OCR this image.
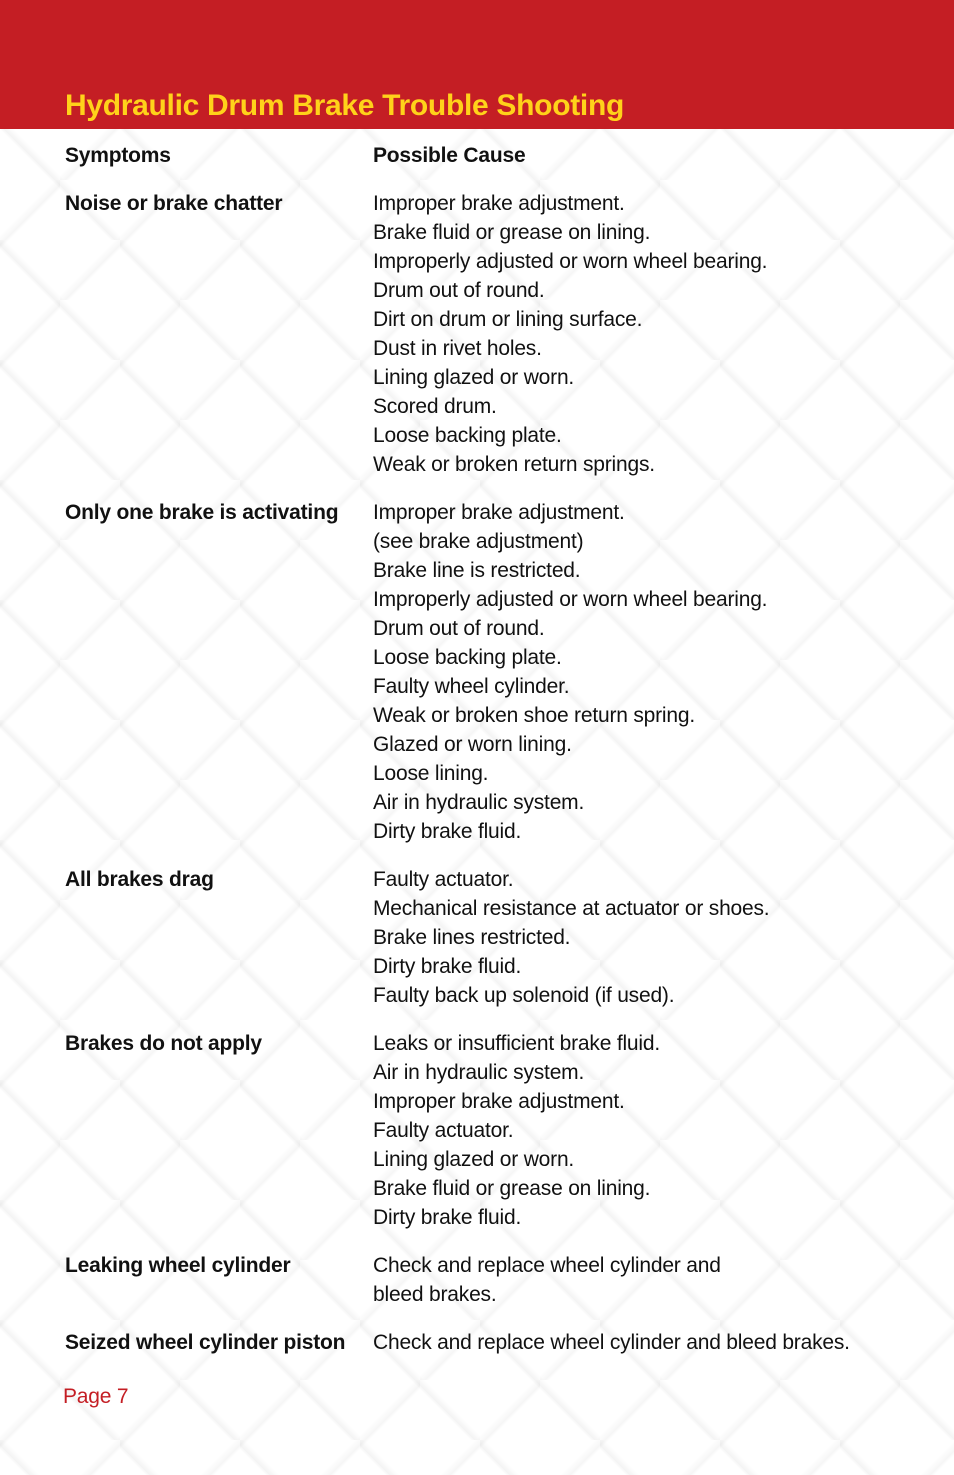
Hydraulic Drum Brake Trouble Shooting
Symptoms	Possible Cause
Noise or brake chatter	Improper brake adjustment.
Brake fluid or grease on lining.
Improperly adjusted or worn wheel bearing.
Drum out of round.
Dirt on drum or lining surface.
Dust in rivet holes.
Lining glazed or worn.
Scored drum.
Loose backing plate.
Weak or broken return springs.
Only one brake is activating	Improper brake adjustment.
(see brake adjustment)
Brake line is restricted.
Improperly adjusted or worn wheel bearing.
Drum out of round.
Loose backing plate.
Faulty wheel cylinder.
Weak or broken shoe return spring.
Glazed or worn lining.
Loose lining.
Air in hydraulic system.
Dirty brake fluid.
All brakes drag	Faulty actuator.
Mechanical resistance at actuator or shoes.
Brake lines restricted.
Dirty brake fluid.
Faulty back up solenoid (if used).
Brakes do not apply	Leaks or insufficient brake fluid.
Air in hydraulic system.
Improper brake adjustment.
Faulty actuator.
Lining glazed or worn.
Brake fluid or grease on lining.
Dirty brake fluid.
Leaking wheel cylinder	Check and replace wheel cylinder and
bleed brakes.
Seized wheel cylinder piston	Check and replace wheel cylinder and bleed brakes.
Page 7
